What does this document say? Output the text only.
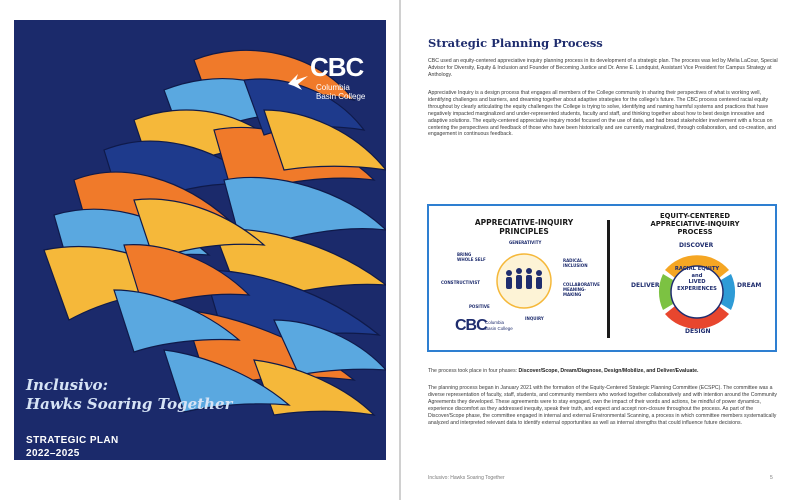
CBC
Columbia
Basin College
Inclusivo:
Hawks Soaring Together
STRATEGIC PLAN
2022–2025
Strategic Planning Process
CBC used an equity-centered appreciative inquiry planning process in its development of a strategic plan. The process was led by Melia LaCour, Special Advisor for Diversity, Equity & Inclusion and Founder of Becoming Justice and Dr. Anne E. Lundquist, Assistant Vice President for Campus Strategy at Anthology.
Appreciative Inquiry is a design process that engages all members of the College community in sharing their perspectives of what is working well, identifying challenges and barriers, and dreaming together about adaptive strategies for the college’s future. The CBC process centered racial equity throughout by clearly articulating the equity challenges the College is trying to solve, identifying and naming harmful systems and practices that have negatively impacted marginalized and under-represented students, faculty and staff, and thinking together about how to best design innovative and adaptive solutions. The equity-centered appreciative inquiry model focused on the use of data, and had broad stakeholder involvement with a focus on centering the perspectives and feedback of those who have been historically and are currently marginalized, through collaboration, and co-creation, and engagement in continuous feedback.
APPRECIATIVE-INQUIRY
PRINCIPLES
GENERATIVITY
BRING WHOLE SELF	RADICAL INCLUSION
CONSTRUCTIVIST	COLLABORATIVE MEANING-MAKING
POSITIVE
INQUIRY
CBC
Columbia
Basin College
EQUITY-CENTERED
APPRECIATIVE-INQUIRY
PROCESS
DISCOVER
DREAM
DESIGN
DELIVER
RACIAL EQUITY
and
LIVED EXPERIENCES
The process took place in four phases: Discover/Scope, Dream/Diagnose, Design/Mobilize, and Deliver/Evaluate.
The planning process began in January 2021 with the formation of the Equity-Centered Strategic Planning Committee (ECSPC). The committee was a diverse representation of faculty, staff, students, and community members who worked together collaboratively and with intention around the Community Agreements they developed. These agreements were to stay engaged, own the impact of their words and actions, be mindful of power dynamics, experience discomfort as they addressed inequity, speak their truth, and expect and accept non-closure throughout the process. As part of the Discover/Scope phase, the committee engaged in internal and external Environmental Scanning, a process in which committee members systematically analyzed and interpreted relevant data to identify external opportunities as well as internal strengths that could influence future decisions.
Inclusivo: Hawks Soaring Together	5
